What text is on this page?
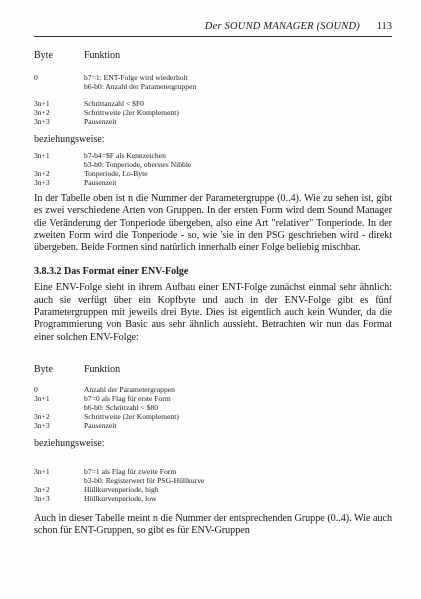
Der SOUND MANAGER (SOUND) 113
Byte	Funktion
0	b7=1: ENT-Folge wird wiederholt
b6-b0: Anzahl der Parametergruppen
3n+1	Schrittanzahl < $F0
3n+2	Schrittweite (2er Komplement)
3n+3	Pausenzeit
beziehungsweise:
3n+1	b7-b4=$F als Kennzeichen
b3-b0: Tonperiode, oberstes Nibble
3n+2	Tonperiode, Lo-Byte
3n+3	Pausenzeit

In der Tabelle oben ist n die Nummer der Parametergruppe (0..4). Wie zu sehen ist, gibt es zwei verschiedene Arten von Gruppen. In der ersten Form wird dem Sound Manager die Veränderung der Tonperiode übergeben, also eine Art "relativer" Tonperiode. In der zweiten Form wird die Tonperiode - so, wie 'sie in den PSG geschrieben wird - direkt übergeben. Beide Formen sind natürlich innerhalb einer Folge beliebig mischbar.

3.8.3.2 Das Format einer ENV-Folge

Eine ENV-Folge sieht in ihrem Aufbau einer ENT-Folge zunächst einmal sehr ähnlich: auch sie verfügt über ein Kopfbyte und auch in der ENV-Folge gibt es fünf Parametergruppen mit jeweils drei Byte. Dies ist eigentlich auch kein Wunder, da die Programmierung von Basic aus sehr ähnlich aussieht. Betrachten wir nun das Format einer solchen ENV-Folge:

Byte	Funktion
0	Anzahl der Parametergruppen
3n+1	b7=0 als Flag für erste Form
b6-b0: Schrittzahl < $80
3n+2	Schrittweite (2er Komplement)
3n+3	Pausenzeit
beziehungsweise:
3n+1	b7=1 als Flag für zweite Form
b3-b0: Registerwert für PSG-Hüllkurve
3n+2	Hüllkurvenperiode, high
3n+3	Hüllkurvenperiode, low

Auch in dieser Tabelle meint n die Nummer der entsprechenden Gruppe (0..4). Wie auch schon für ENT-Gruppen, so gibt es für ENV-Gruppen
